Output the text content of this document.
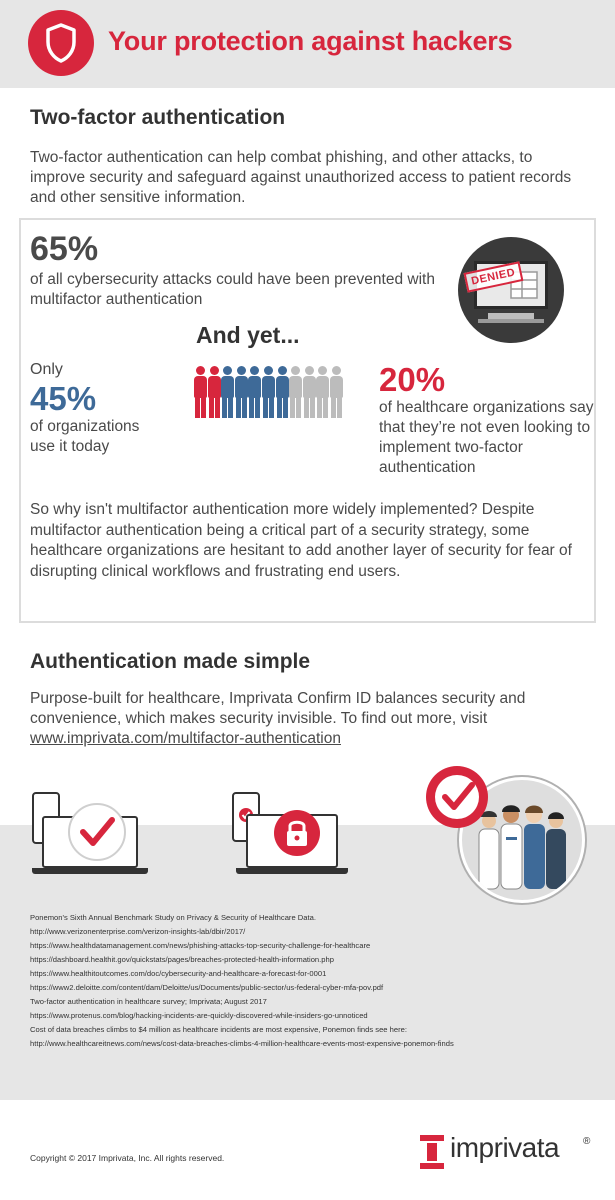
Your protection against hackers
Two-factor authentication
Two-factor authentication can help combat phishing, and other attacks, to improve security and safeguard against unauthorized access to patient records and other sensitive information.
65%
of all cybersecurity attacks could have been prevented with multifactor authentication
DENIED
And yet...
Only
45%
of organizations use it today
20%
of healthcare organizations say that they’re not even looking to implement two-factor authentication
So why isn't multifactor authentication more widely implemented? Despite multifactor authentication being a critical part of a security strategy, some healthcare organizations are hesitant to add another layer of security for fear of disrupting clinical workflows and frustrating end users.
Authentication made simple
Purpose-built for healthcare, Imprivata Confirm ID balances security and convenience, which makes security invisible. To find out more, visit
www.imprivata.com/multifactor-authentication
Ponemon's Sixth Annual Benchmark Study on Privacy & Security of Healthcare Data.
http://www.verizonenterprise.com/verizon-insights-lab/dbir/2017/
https://www.healthdatamanagement.com/news/phishing-attacks-top-security-challenge-for-healthcare
https://dashboard.healthit.gov/quickstats/pages/breaches-protected-health-information.php
https://www.healthitoutcomes.com/doc/cybersecurity-and-healthcare-a-forecast-for-0001
https://www2.deloitte.com/content/dam/Deloitte/us/Documents/public-sector/us-federal-cyber-mfa-pov.pdf
Two-factor authentication in healthcare survey; Imprivata; August 2017
https://www.protenus.com/blog/hacking-incidents-are-quickly-discovered-while-insiders-go-unnoticed
Cost of data breaches climbs to $4 million as healthcare incidents are most expensive, Ponemon finds see here:
http://www.healthcareitnews.com/news/cost-data-breaches-climbs-4-million-healthcare-events-most-expensive-ponemon-finds
Copyright © 2017 Imprivata, Inc. All rights reserved.	imprivata ®
